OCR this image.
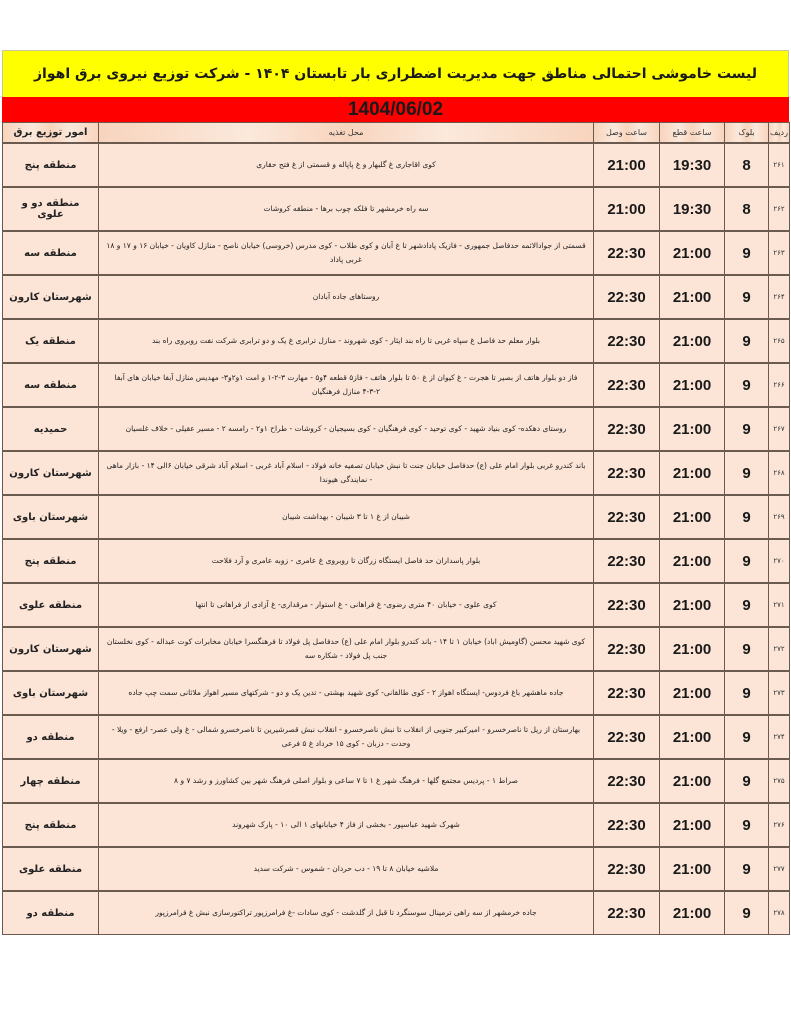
لیست خاموشی احتمالی مناطق جهت مدیریت اضطراری بار تابستان ۱۴۰۴ - شرکت توزیع نیروی برق اهواز
1404/06/02
ردیف	بلوک	ساعت قطع	ساعت وصل	محل تغذیه	امور توزیع برق
۲۶۱	8	19:30	21:00	کوی اقاجاری غ گلبهار و غ پاپاله و قسمتی از غ فتح حقاری	منطقه پنج
۲۶۲	8	19:30	21:00	سه راه خرمشهر تا فلکه چوب برها - منطقه کروشات	منطقه دو و علوی
۲۶۳	9	21:00	22:30	قسمتی از جوادالائمه حدفاصل جمهوری - فازیک پادادشهر تا غ آبان و کوی طلاب - کوی مدرس (خروسی) خیابان ناصح - منازل کاویان - خیابان ۱۶ و ۱۷ و ۱۸ غربی پاداد	منطقه سه
۲۶۴	9	21:00	22:30	روستاهای جاده آبادان	شهرستان کارون
۲۶۵	9	21:00	22:30	بلوار معلم حد فاصل غ سپاه غربی تا راه بند ایثار - کوی شهروند - منازل ترابری غ یک و دو ترابری شرکت نفت روبروی راه بند	منطقه یک
۲۶۶	9	21:00	22:30	فاز دو بلوار هاتف از بصیر تا هجرت - غ کیوان از غ ۵۰ تا بلوار هاتف - فاز۵ قطعه ۴و۵ - مهارت ۳-۲-۱ و امت ۱و۲و۳- مهدیس منازل آبفا خیابان های آبفا ۲-۳-۴ منازل فرهنگیان	منطقه سه
۲۶۷	9	21:00	22:30	روستای دهکده- کوی بنیاد شهید - کوی توحید - کوی فرهنگیان - کوی بسیجیان - کروشات - طراح ۱و۲ - رامسه ۲ - مسیر عقیلی - خلاف غلسیان	حمیدیه
۲۶۸	9	21:00	22:30	باند کندرو غربی بلوار امام علی (ع) حدفاصل خیابان جنت تا نبش خیابان تصفیه خانه فولاد - اسلام آباد غربی - اسلام آباد شرقی خیابان ۶الی ۱۴ - بازار ماهی - نمایندگی هیوندا	شهرستان کارون
۲۶۹	9	21:00	22:30	شیبان از غ ۱ تا ۳ شیبان - بهداشت شیبان	شهرستان باوی
۲۷۰	9	21:00	22:30	بلوار پاسداران حد فاصل ایستگاه زرگان تا روبروی غ عامری - زوبه عامری و آرد فلاحت	منطقه پنج
۲۷۱	9	21:00	22:30	کوی علوی - خیابان ۴۰ متری رضوی- غ فراهانی - غ استوار - مرقداری- غ آزادی از فراهانی تا انتها	منطقه علوی
۲۷۲	9	21:00	22:30	کوی شهید محسن (گاومیش اباد) خیابان ۱ تا ۱۴ - باند کندرو بلوار امام علی (ع) حدفاصل پل فولاد تا فرهنگسرا خیابان مخابرات کوت عبداله - کوی نخلستان جنب پل فولاد - شکاره سه	شهرستان کارون
۲۷۳	9	21:00	22:30	جاده ماهشهر باغ فردوس- ایستگاه اهواز ۲ - کوی طالقانی- کوی شهید بهشتی - تدین یک و دو - شرکتهای مسیر اهواز ملاثانی سمت چپ جاده	شهرستان باوی
۲۷۴	9	21:00	22:30	بهارستان از ریل تا ناصرخسرو - امیرکبیر جنوبی از انقلاب تا نبش ناصرخسرو - انقلاب نبش قصرشیرین تا ناصرخسرو شمالی - غ ولی عصر- ارفع - ویلا - وحدت - دزبان - کوی ۱۵ خرداد غ ۵ فرعی	منطقه دو
۲۷۵	9	21:00	22:30	صراط ۱ - پردیس مجتمع گلها - فرهنگ شهر غ ۱ تا ۷ ساعی و بلوار اصلی فرهنگ شهر بین کشاورز و رشد ۷ و ۸	منطقه چهار
۲۷۶	9	21:00	22:30	شهرک شهید عباسپور - بخشی از فاز ۴ خیابانهای ۱ الی ۱۰ - پارک شهروند	منطقه پنج
۲۷۷	9	21:00	22:30	ملاشیه خیابان ۸ تا ۱۹ - دب حردان - شموس - شرکت سدید	منطقه علوی
۲۷۸	9	21:00	22:30	جاده خرمشهر از سه راهی ترمینال سوسنگرد تا قبل از گلدشت - کوی سادات -غ فرامرزپور تراکتورسازی نبش غ فرامرزپور	منطقه دو
